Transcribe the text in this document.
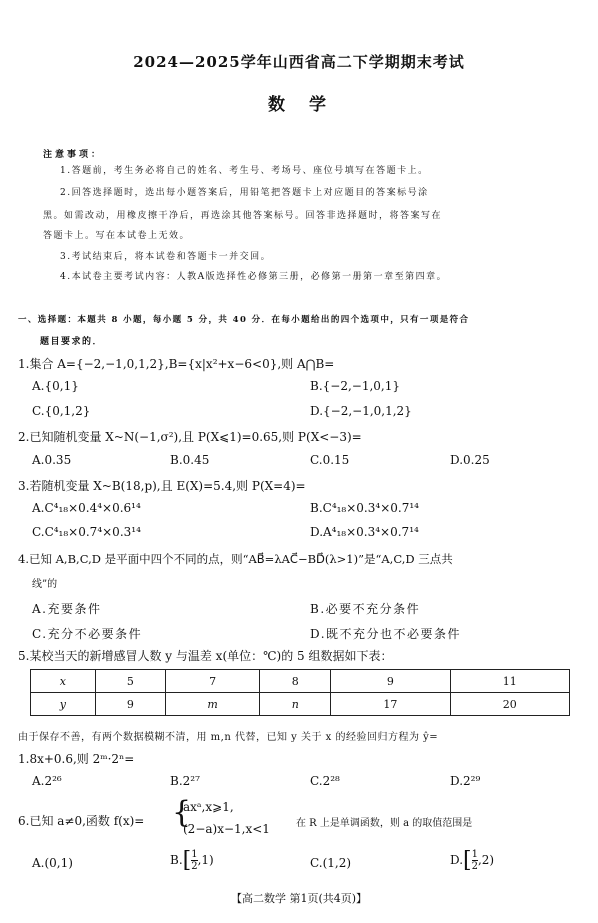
2024—2025学年山西省高二下学期期末考试
数学
注意事项：
1.答题前，考生务必将自己的姓名、考生号、考场号、座位号填写在答题卡上。
2.回答选择题时，选出每小题答案后，用铅笔把答题卡上对应题目的答案标号涂
黑。如需改动，用橡皮擦干净后，再选涂其他答案标号。回答非选择题时，将答案写在
答题卡上。写在本试卷上无效。
3.考试结束后，将本试卷和答题卡一并交回。
4.本试卷主要考试内容：人教A版选择性必修第三册，必修第一册第一章至第四章。
一、选择题：本题共 8 小题，每小题 5 分，共 40 分．在每小题给出的四个选项中，只有一项是符合
题目要求的．
1.集合 A={−2,−1,0,1,2},B={x|x²+x−6<0},则 A⋂B=
A.{0,1}	B.{−2,−1,0,1}
C.{0,1,2}	D.{−2,−1,0,1,2}
2.已知随机变量 X~N(−1,σ²),且 P(X⩽1)=0.65,则 P(X<−3)=
A.0.35	B.0.45	C.0.15	D.0.25
3.若随机变量 X~B(18,p),且 E(X)=5.4,则 P(X=4)=
A.C⁴₁₈×0.4⁴×0.6¹⁴	B.C⁴₁₈×0.3⁴×0.7¹⁴
C.C⁴₁₈×0.7⁴×0.3¹⁴	D.A⁴₁₈×0.3⁴×0.7¹⁴
4.已知 A,B,C,D 是平面中四个不同的点，则“AB⃗=λAC⃗−BD⃗(λ>1)”是“A,C,D 三点共
线”的
A.充要条件	B.必要不充分条件
C.充分不必要条件	D.既不充分也不必要条件
5.某校当天的新增感冒人数 y 与温差 x(单位：℃)的 5 组数据如下表：
x	5	7	8	9	11
y	9	m	n	17	20
由于保存不善，有两个数据模糊不清，用 m,n 代替，已知 y 关于 x 的经验回归方程为 ŷ=
1.8x+0.6,则 2ᵐ·2ⁿ=
A.2²⁶	B.2²⁷	C.2²⁸	D.2²⁹
6.已知 a≠0,函数 f(x)= {
axᵃ,x⩾1,
(2−a)x−1,x<1	在 R 上是单调函数，则 a 的取值范围是
A.(0,1)	$B.[ \frac{1}{2} ,1)$	C.(1,2)	$D.[ \frac{1}{2} ,2)$
【高二数学 第1页(共4页)】
